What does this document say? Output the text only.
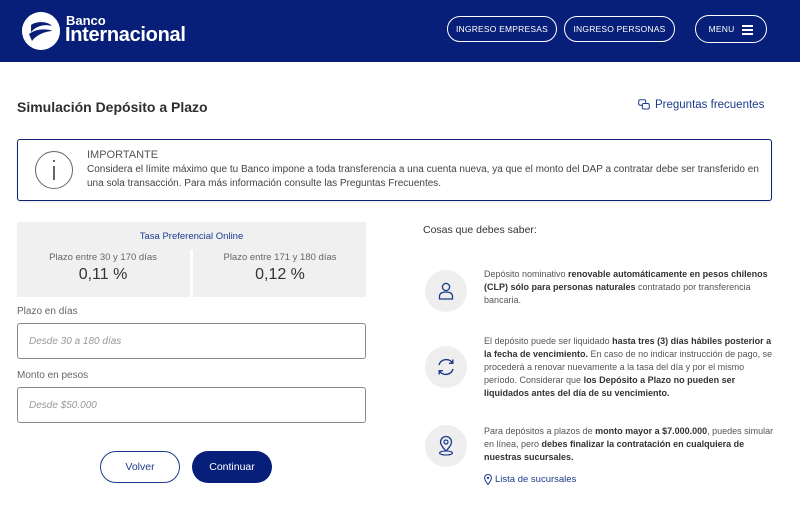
Banco
Internacional	INGRESO EMPRESAS	INGRESO PERSONAS	MENU
Simulación Depósito a Plazo	Preguntas frecuentes
IMPORTANTE
Considera el límite máximo que tu Banco impone a toda transferencia a una cuenta nueva, ya que el monto del DAP a contratar debe ser transferido en una sola transacción. Para más información consulte las Preguntas Frecuentes.
Tasa Preferencial Online
Plazo entre 30 y 170 días
0,11 %
Plazo entre 171 y 180 días
0,12 %
Plazo en días
Desde 30 a 180 días
Monto en pesos
Desde $50.000
Volver	Continuar
Cosas que debes saber:
Depósito nominativo renovable automáticamente en pesos chilenos (CLP) sólo para personas naturales contratado por transferencia bancaria.
El depósito puede ser liquidado hasta tres (3) días hábiles posterior a la fecha de vencimiento. En caso de no indicar instrucción de pago, se procederá a renovar nuevamente a la tasa del día y por el mismo período. Considerar que los Depósito a Plazo no pueden ser liquidados antes del día de su vencimiento.
Para depósitos a plazos de monto mayor a $7.000.000, puedes simular en línea, pero debes finalizar la contratación en cualquiera de nuestras sucursales.
Lista de sucursales
